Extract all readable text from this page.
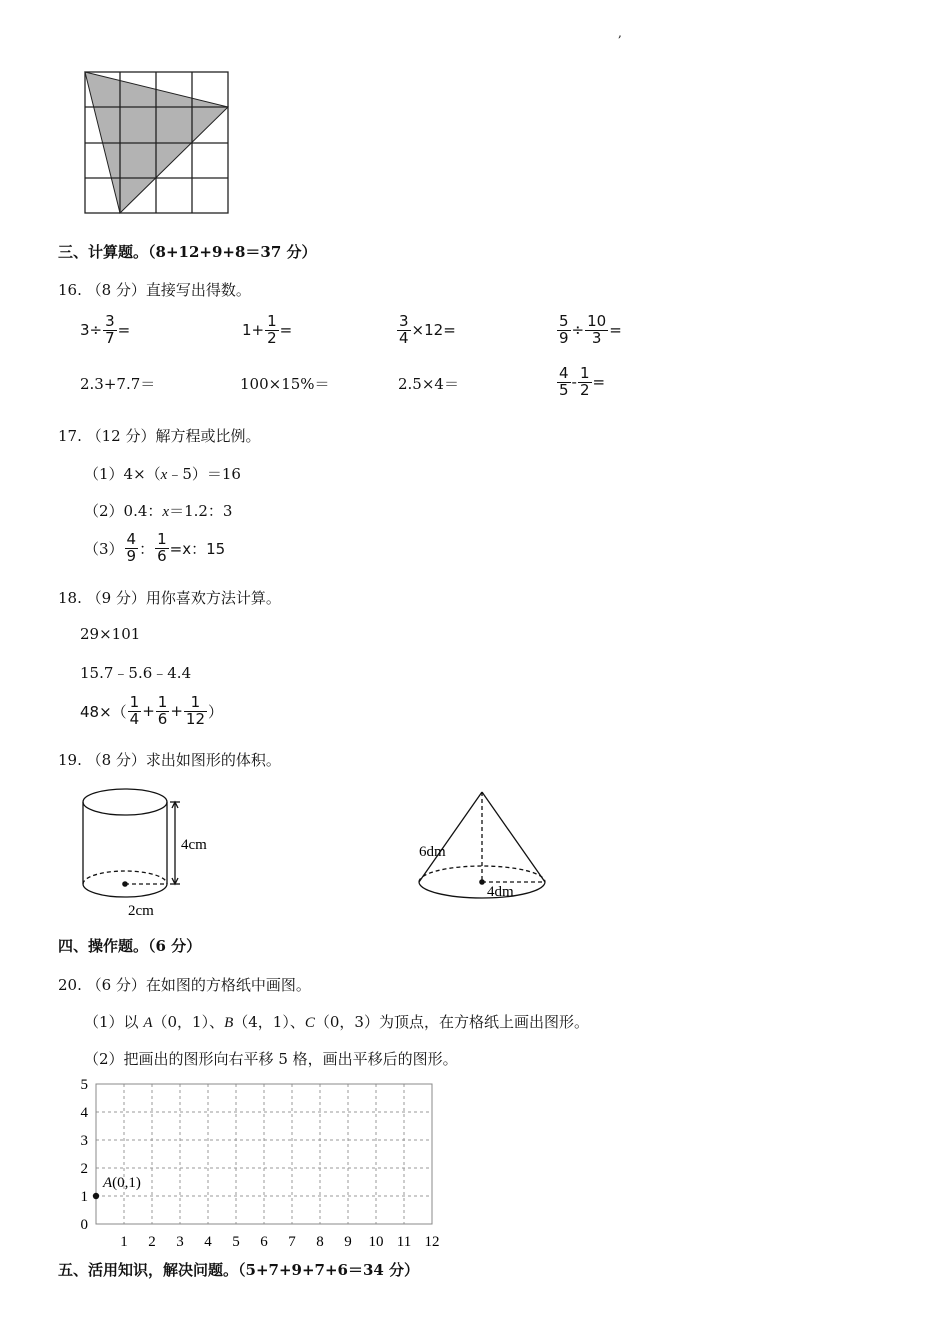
,
三、计算题。（8+12+9+8＝37 分）
16. （8 分）直接写出得数。
$3\div \frac{3}{7}$ =	$1+ \frac{1}{2}$ =	$\frac{3}{4} \times 12=$	$\frac{5}{9} \div \frac{10}{3}$ =
2.3+7.7＝	100×15%＝	2.5×4＝	$\frac{4}{5} - \frac{1}{2}$ =
17. （12 分）解方程或比例。
（1）4×（x﹣5）＝16
（2）0.4：x＝1.2：3
$(3) \frac{4}{9}$ ： $\frac{1}{6} =x$：15
18. （9 分）用你喜欢方法计算。
29×101
15.7﹣5.6﹣4.4
$48\times( \frac{1}{4} + \frac{1}{6} + \frac{1}{12}$ ）
19. （8 分）求出如图形的体积。
4cm
2cm
6dm
4dm
四、操作题。（6 分）
20. （6 分）在如图的方格纸中画图。
（1）以 A（0，1）、B（4，1）、C（0，3）为顶点，在方格纸上画出图形。
（2）把画出的图形向右平移 5 格，画出平移后的图形。
1 2 3 4 5 6 7 8 9 10 11 12
0
1
2
3
4
5
A(0,1)
五、活用知识，解决问题。（5+7+9+7+6＝34 分）
